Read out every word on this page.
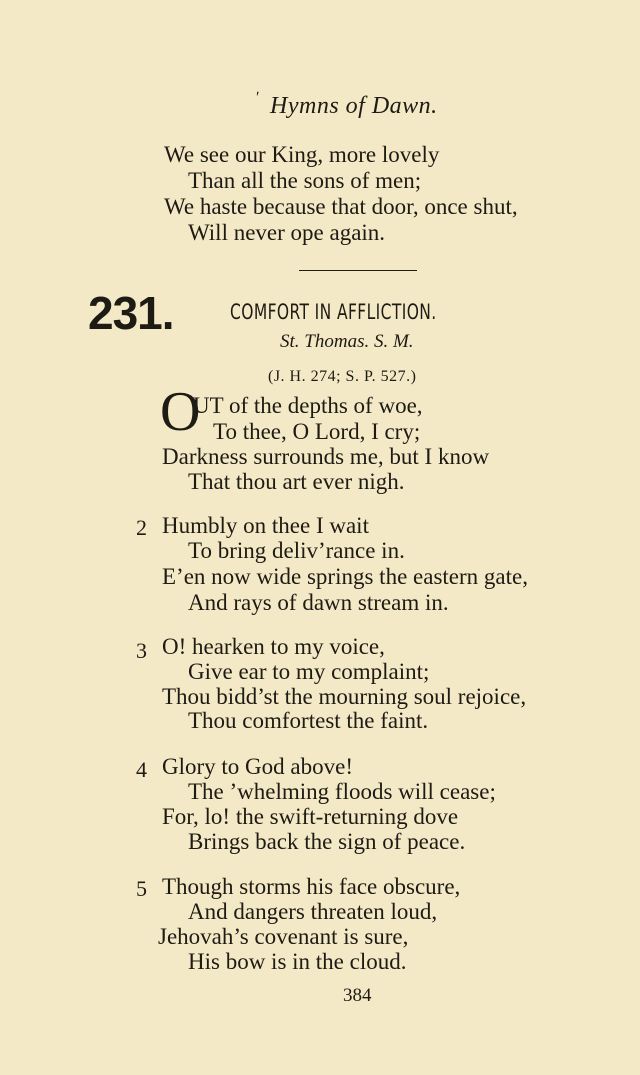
ʹ Hymns of Dawn.
We see our King, more lovely
Than all the sons of men;
We haste because that door, once shut,
Will never ope again.
231.	COMFORT IN AFFLICTION.
St. Thomas. S. M.
(J. H. 274; S. P. 527.)
O
UT of the depths of woe,
To thee, O Lord, I cry;
Darkness surrounds me, but I know
That thou art ever nigh.
2 Humbly on thee I wait
To bring deliv’rance in.
E’en now wide springs the eastern gate,
And rays of dawn stream in.
3 O! hearken to my voice,
Give ear to my complaint;
Thou bidd’st the mourning soul rejoice,
Thou comfortest the faint.
4 Glory to God above!
The ’whelming floods will cease;
For, lo! the swift-returning dove
Brings back the sign of peace.
5 Though storms his face obscure,
And dangers threaten loud,
Jehovah’s covenant is sure,
His bow is in the cloud.
384
